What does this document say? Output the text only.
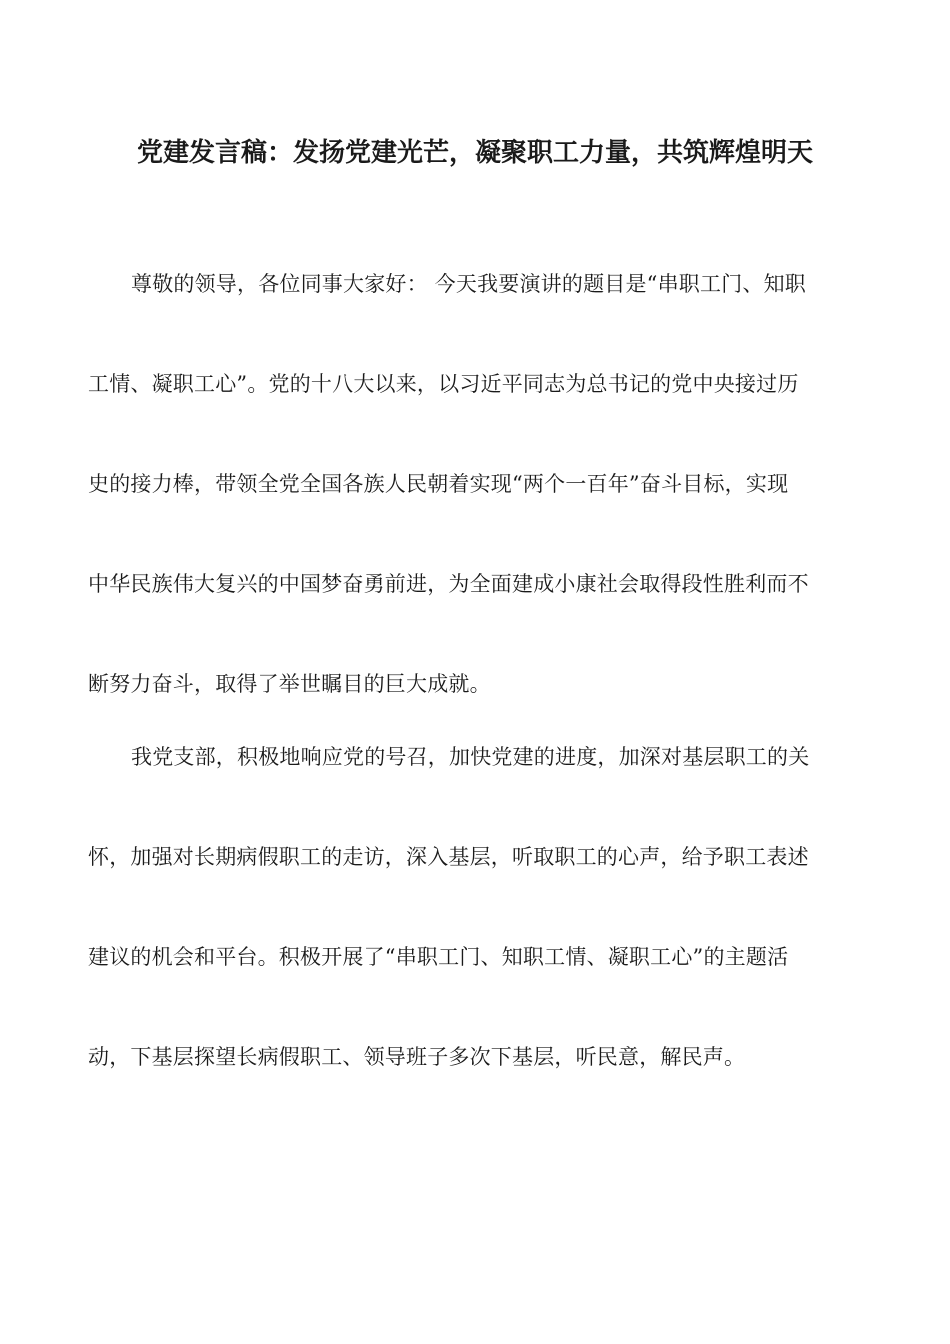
党建发言稿：发扬党建光芒，凝聚职工力量，共筑辉煌明天
尊敬的领导，各位同事大家好： 今天我要演讲的题目是“串职工门、知职
工情、凝职工心”。党的十八大以来，以习近平同志为总书记的党中央接过历
史的接力棒，带领全党全国各族人民朝着实现“两个一百年”奋斗目标，实现
中华民族伟大复兴的中国梦奋勇前进，为全面建成小康社会取得段性胜利而不
断努力奋斗，取得了举世瞩目的巨大成就。
我党支部，积极地响应党的号召，加快党建的进度，加深对基层职工的关
怀，加强对长期病假职工的走访，深入基层，听取职工的心声，给予职工表述
建议的机会和平台。积极开展了“串职工门、知职工情、凝职工心”的主题活
动，下基层探望长病假职工、领导班子多次下基层，听民意，解民声。
